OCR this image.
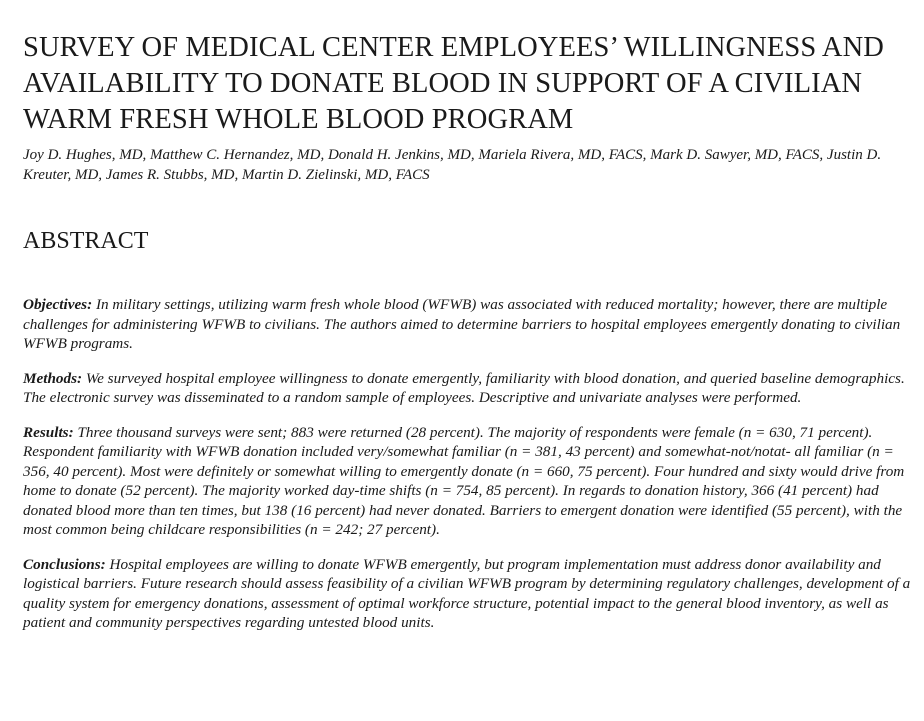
SURVEY OF MEDICAL CENTER EMPLOYEES’ WILLINGNESS AND AVAILABILITY TO DONATE BLOOD IN SUPPORT OF A CIVILIAN WARM FRESH WHOLE BLOOD PROGRAM

Joy D. Hughes, MD, Matthew C. Hernandez, MD, Donald H. Jenkins, MD, Mariela Rivera, MD, FACS, Mark D. Sawyer, MD, FACS, Justin D. Kreuter, MD, James R. Stubbs, MD, Martin D. Zielinski, MD, FACS

ABSTRACT

Objectives: In military settings, utilizing warm fresh whole blood (WFWB) was associated with reduced mortality; however, there are multiple challenges for administering WFWB to civilians. The authors aimed to determine barriers to hospital employees emergently donating to civilian WFWB programs.

Methods: We surveyed hospital employee willingness to donate emergently, familiarity with blood donation, and queried baseline demographics. The electronic survey was disseminated to a random sample of employees. Descriptive and univariate analyses were performed.

Results: Three thousand surveys were sent; 883 were returned (28 percent). The majority of respondents were female (n = 630, 71 percent). Respondent familiarity with WFWB donation included very/somewhat familiar (n = 381, 43 percent) and somewhat-not/notat- all familiar (n = 356, 40 percent). Most were definitely or somewhat willing to emergently donate (n = 660, 75 percent). Four hundred and sixty would drive from home to donate (52 percent). The majority worked day-time shifts (n = 754, 85 percent). In regards to donation history, 366 (41 percent) had donated blood more than ten times, but 138 (16 percent) had never donated. Barriers to emergent donation were identified (55 percent), with the most common being childcare responsibilities (n = 242; 27 percent).

Conclusions: Hospital employees are willing to donate WFWB emergently, but program implementation must address donor availability and logistical barriers. Future research should assess feasibility of a civilian WFWB program by determining regulatory challenges, development of a quality system for emergency donations, assessment of optimal workforce structure, potential impact to the general blood inventory, as well as patient and community perspectives regarding untested blood units.
